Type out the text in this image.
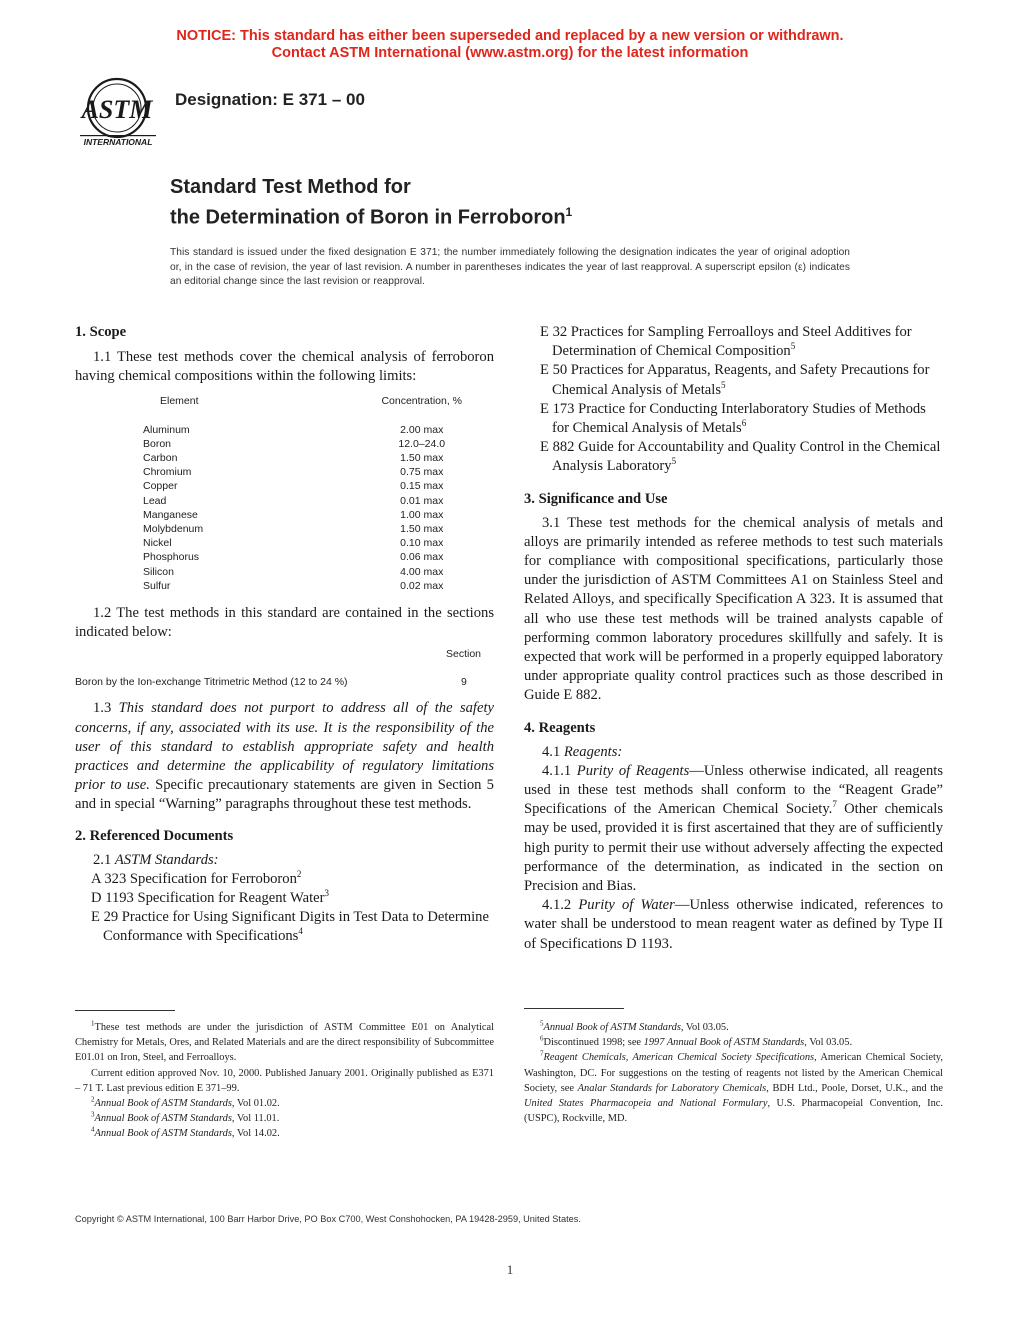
NOTICE: This standard has either been superseded and replaced by a new version or withdrawn.
Contact ASTM International (www.astm.org) for the latest information
ASTM
INTERNATIONAL
Designation: E 371 – 00
Standard Test Method for
the Determination of Boron in Ferroboron$^1$
This standard is issued under the fixed designation E 371; the number immediately following the designation indicates the year of original adoption or, in the case of revision, the year of last revision. A number in parentheses indicates the year of last reapproval. A superscript epsilon (ε) indicates an editorial change since the last revision or reapproval.

1. Scope

1.1 These test methods cover the chemical analysis of ferroboron having chemical compositions within the following limits:

Element	Concentration, %
Aluminum	2.00 max
Boron	12.0–24.0
Carbon	1.50 max
Chromium	0.75 max
Copper	0.15 max
Lead	0.01 max
Manganese	1.00 max
Molybdenum	1.50 max
Nickel	0.10 max
Phosphorus	0.06 max
Silicon	4.00 max
Sulfur	0.02 max

1.2 The test methods in this standard are contained in the sections indicated below:

Section
Boron by the Ion-exchange Titrimetric Method (12 to 24 %)	9

1.3 This standard does not purport to address all of the safety concerns, if any, associated with its use. It is the responsibility of the user of this standard to establish appropriate safety and health practices and determine the applicability of regulatory limitations prior to use. Specific precautionary statements are given in Section 5 and in special “Warning” paragraphs throughout these test methods.

2. Referenced Documents

2.1 ASTM Standards:

A 323 Specification for Ferroboron$^2$

D 1193 Specification for Reagent Water$^3$

E 29 Practice for Using Significant Digits in Test Data to Determine Conformance with Specifications$^4$

$^1$These test methods are under the jurisdiction of ASTM Committee E01 on Analytical Chemistry for Metals, Ores, and Related Materials and are the direct responsibility of Subcommittee E01.01 on Iron, Steel, and Ferroalloys.

Current edition approved Nov. 10, 2000. Published January 2001. Originally published as E371 – 71 T. Last previous edition E 371–99.

$^2$Annual Book of ASTM Standards, Vol 01.02.

$^3$Annual Book of ASTM Standards, Vol 11.01.

$^4$Annual Book of ASTM Standards, Vol 14.02.

E 32 Practices for Sampling Ferroalloys and Steel Additives for Determination of Chemical Composition$^5$

E 50 Practices for Apparatus, Reagents, and Safety Precautions for Chemical Analysis of Metals$^5$

E 173 Practice for Conducting Interlaboratory Studies of Methods for Chemical Analysis of Metals$^6$

E 882 Guide for Accountability and Quality Control in the Chemical Analysis Laboratory$^5$

3. Significance and Use

3.1 These test methods for the chemical analysis of metals and alloys are primarily intended as referee methods to test such materials for compliance with compositional specifications, particularly those under the jurisdiction of ASTM Committees A1 on Stainless Steel and Related Alloys, and specifically Specification A 323. It is assumed that all who use these test methods will be trained analysts capable of performing common laboratory procedures skillfully and safely. It is expected that work will be performed in a properly equipped laboratory under appropriate quality control practices such as those described in Guide E 882.

4. Reagents

4.1 Reagents:

4.1.1 Purity of Reagents—Unless otherwise indicated, all reagents used in these test methods shall conform to the “Reagent Grade” Specifications of the American Chemical Society.$^7$ Other chemicals may be used, provided it is first ascertained that they are of sufficiently high purity to permit their use without adversely affecting the expected performance of the determination, as indicated in the section on Precision and Bias.

4.1.2 Purity of Water—Unless otherwise indicated, references to water shall be understood to mean reagent water as defined by Type II of Specifications D 1193.

$^5$Annual Book of ASTM Standards, Vol 03.05.

$^6$Discontinued 1998; see 1997 Annual Book of ASTM Standards, Vol 03.05.

$^7$Reagent Chemicals, American Chemical Society Specifications, American Chemical Society, Washington, DC. For suggestions on the testing of reagents not listed by the American Chemical Society, see Analar Standards for Laboratory Chemicals, BDH Ltd., Poole, Dorset, U.K., and the United States Pharmacopeia and National Formulary, U.S. Pharmacopeial Convention, Inc. (USPC), Rockville, MD.

Copyright © ASTM International, 100 Barr Harbor Drive, PO Box C700, West Conshohocken, PA 19428-2959, United States.
1
